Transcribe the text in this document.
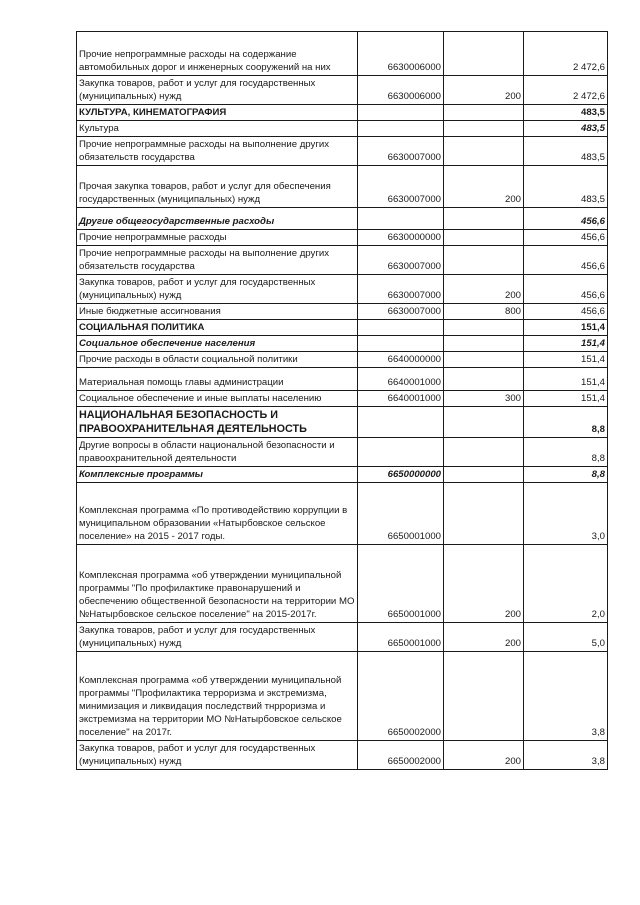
Прочие непрограммные расходы на содержание автомобильных дорог и инженерных сооружений на них	6630006000		2 472,6
Закупка товаров, работ и услуг для государственных (муниципальных) нужд	6630006000	200	2 472,6
КУЛЬТУРА, КИНЕМАТОГРАФИЯ			483,5
Культура			483,5
Прочие непрограммные расходы на выполнение других обязательств государства	6630007000		483,5
Прочая закупка товаров, работ и услуг для обеспечения государственных (муниципальных) нужд	6630007000	200	483,5
Другие общегосударственные расходы			456,6
Прочие непрограммные расходы	6630000000		456,6
Прочие непрограммные расходы на выполнение других обязательств государства	6630007000		456,6
Закупка товаров, работ и услуг для государственных (муниципальных) нужд	6630007000	200	456,6
Иные бюджетные ассигнования	6630007000	800	456,6
СОЦИАЛЬНАЯ ПОЛИТИКА			151,4
Социальное обеспечение населения			151,4
Прочие расходы в области социальной политики	6640000000		151,4
Материальная помощь главы администрации	6640001000		151,4
Социальное обеспечение и иные выплаты населению	6640001000	300	151,4
НАЦИОНАЛЬНАЯ БЕЗОПАСНОСТЬ И ПРАВООХРАНИТЕЛЬНАЯ ДЕЯТЕЛЬНОСТЬ			8,8
Другие вопросы в области национальной безопасности и правоохранительной деятельности			8,8
Комплексные программы	6650000000		8,8
Комплексная программа «По противодействию коррупции в муниципальном образовании «Натырбовское сельское поселение» на 2015 - 2017 годы.	6650001000		3,0
Комплексная программа «об утверждении муниципальной программы "По профилактике правонарушений и обеспечению общественной безопасности на территории МО №Натырбовское сельское поселение" на 2015-2017г.	6650001000	200	2,0
Закупка товаров, работ и услуг для государственных (муниципальных) нужд	6650001000	200	5,0
Комплексная программа «об утверждении муниципальной программы "Профилактика терроризма и экстремизма, минимизация и ликвидация последствий тнрроризма и экстремизма на территории МО №Натырбовское сельское поселение" на 2017г.	6650002000		3,8
Закупка товаров, работ и услуг для государственных (муниципальных) нужд	6650002000	200	3,8
